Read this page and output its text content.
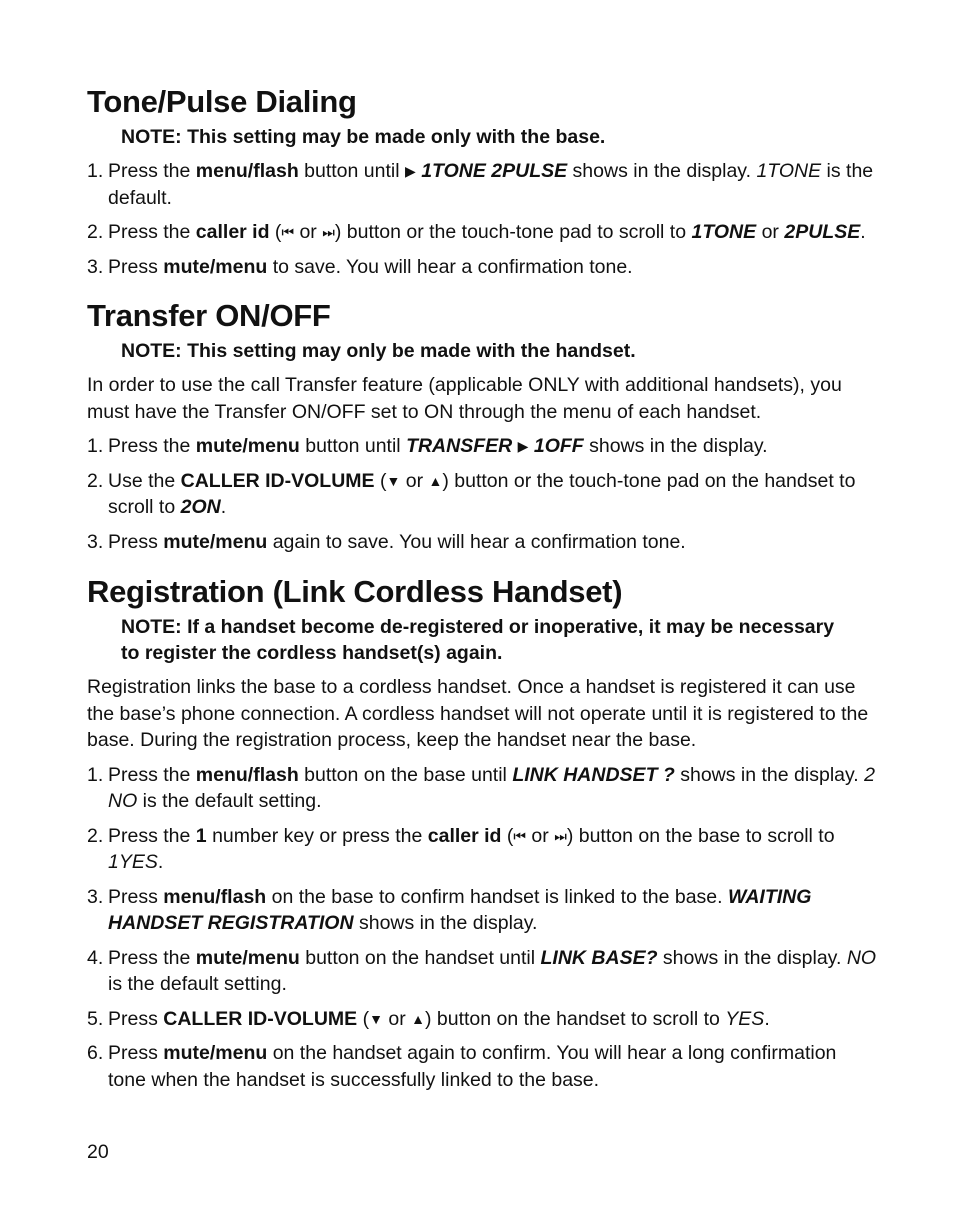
Tone/Pulse Dialing

NOTE: This setting may be made only with the base.

1. Press the menu/flash button until ▶ 1TONE 2PULSE shows in the display. 1TONE is the default.
2. Press the caller id (⏮ or ⏭) button or the touch-tone pad to scroll to 1TONE or 2PULSE.
3. Press mute/menu to save. You will hear a confirmation tone.
Transfer ON/OFF

NOTE: This setting may only be made with the handset.

In order to use the call Transfer feature (applicable ONLY with additional handsets), you must have the Transfer ON/OFF set to ON through the menu of each handset.

1. Press the mute/menu button until TRANSFER ▶ 1OFF shows in the display.
2. Use the CALLER ID-VOLUME (▼ or ▲) button or the touch-tone pad on the handset to scroll to 2ON.
3. Press mute/menu again to save. You will hear a confirmation tone.
Registration (Link Cordless Handset)

NOTE: If a handset become de-registered or inoperative, it may be necessary to register the cordless handset(s) again.

Registration links the base to a cordless handset. Once a handset is registered it can use the base’s phone connection. A cordless handset will not operate until it is registered to the base. During the registration process, keep the handset near the base.

1. Press the menu/flash button on the base until LINK HANDSET ? shows in the display. 2 NO is the default setting.
2. Press the 1 number key or press the caller id (⏮ or ⏭) button on the base to scroll to 1YES.
3. Press menu/flash on the base to confirm handset is linked to the base. WAITING HANDSET REGISTRATION shows in the display.
4. Press the mute/menu button on the handset until LINK BASE? shows in the display. NO is the default setting.
5. Press CALLER ID-VOLUME (▼ or ▲) button on the handset to scroll to YES.
6. Press mute/menu on the handset again to confirm. You will hear a long confirmation tone when the handset is successfully linked to the base.
20
